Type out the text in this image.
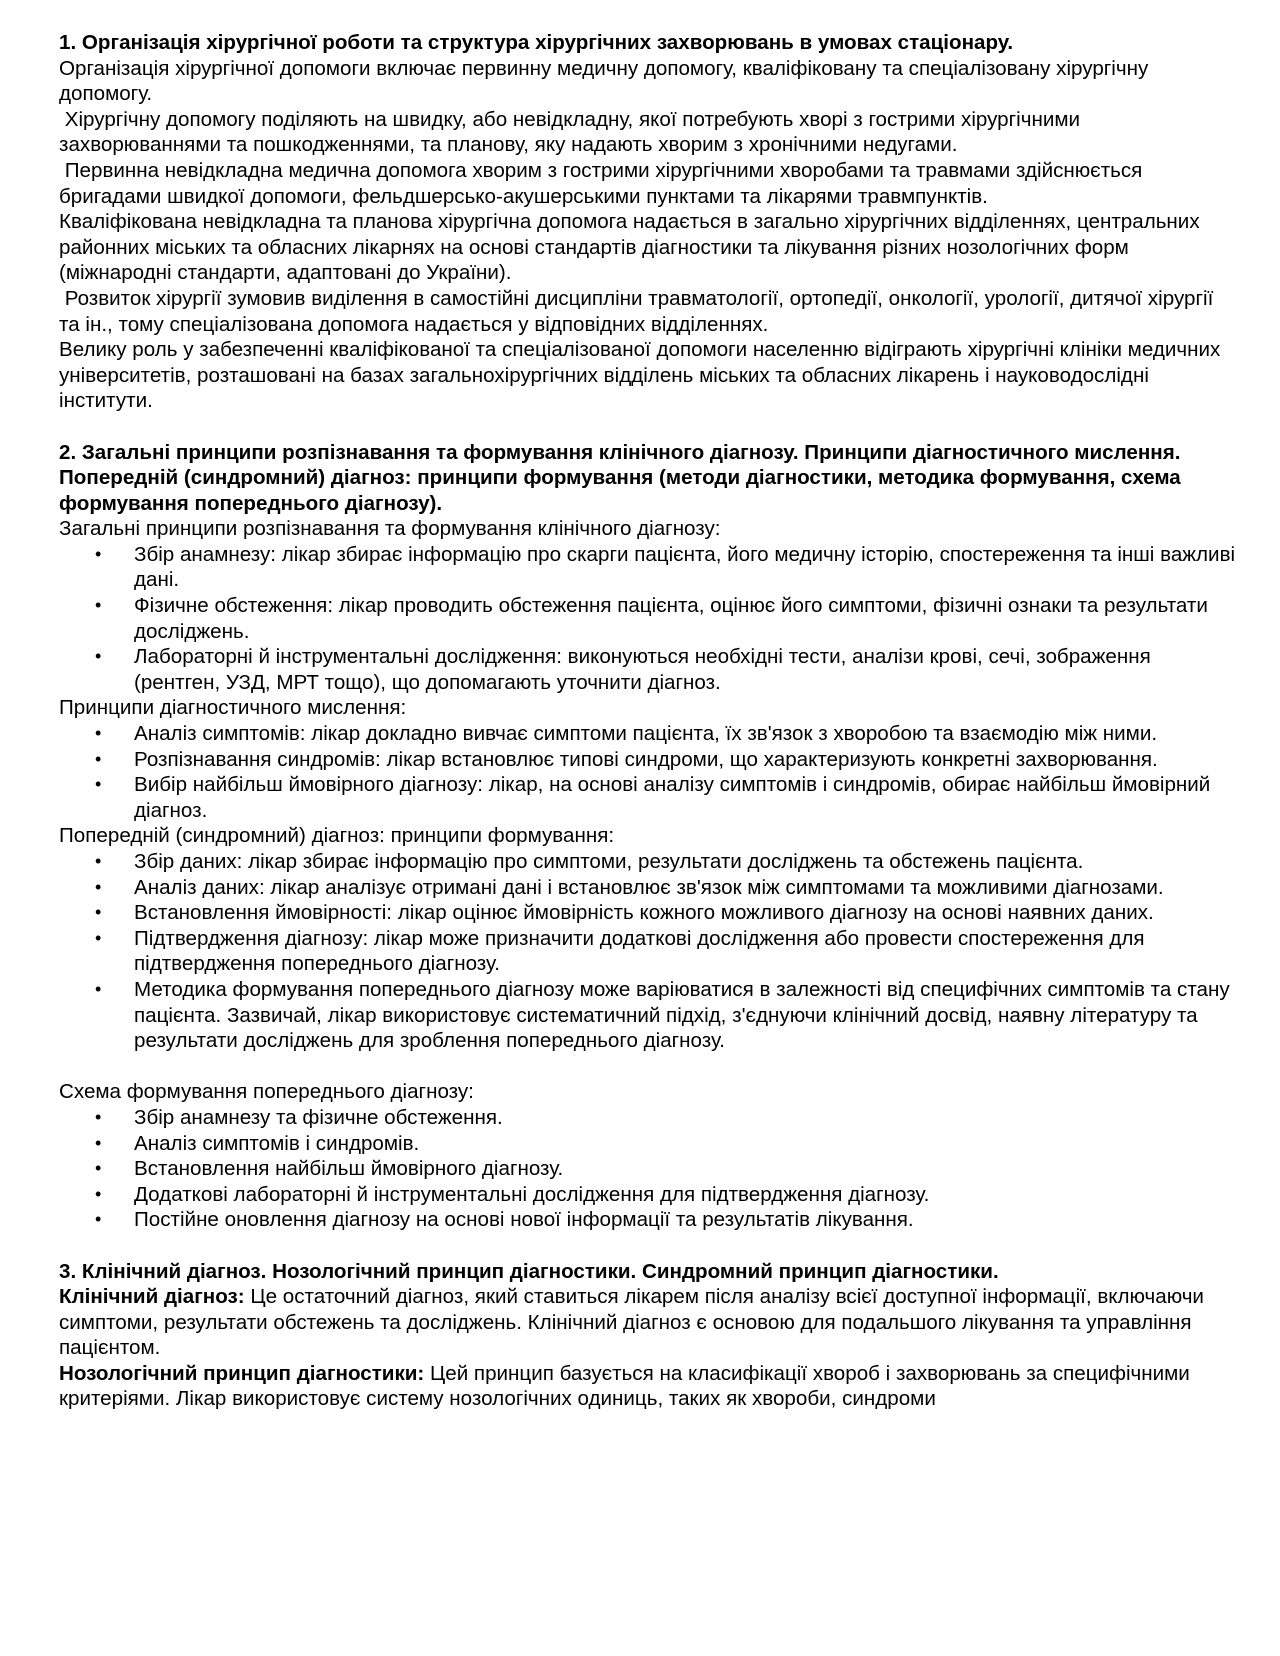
1. Організація хірургічної роботи та структура хірургічних захворювань в умовах стаціонару.

Організація хірургічної допомоги включає первинну медичну допомогу, кваліфіковану та спеціалізовану хірургічну допомогу.

Хірургічну допомогу поділяють на швидку, або невідкладну, якої потребують хворі з гострими хірургічними захворюваннями та пошкодженнями, та планову, яку надають хворим з хронічними недугами.

Первинна невідкладна медична допомога хворим з гострими хірургічними хворобами та травмами здійснюється бригадами швидкої допомоги, фельдшерсько-акушерськими пунктами та лікарями травмпунктів.

Кваліфікована невідкладна та планова хірургічна допомога надається в загально хірургічних відділеннях, центральних районних міських та обласних лікарнях на основі стандартів діагностики та лікування різних нозологічних форм (міжнародні стандарти, адаптовані до України).

Розвиток хірургії зумовив виділення в самостійні дисципліни травматології, ортопедії, онкології, урології, дитячої хірургії та ін., тому спеціалізована допомога надається у відповідних відділеннях.

Велику роль у забезпеченні кваліфікованої та спеціалізованої допомоги населенню відіграють хірургічні клініки медичних університетів, розташовані на базах загальнохірургічних відділень міських та обласних лікарень і науководослідні інститути.

2. Загальні принципи розпізнавання та формування клінічного діагнозу. Принципи діагностичного мислення. Попередній (синдромний) діагноз: принципи формування (методи діагностики, методика формування, схема формування попереднього діагнозу).

Загальні принципи розпізнавання та формування клінічного діагнозу:

• Збір анамнезу: лікар збирає інформацію про скарги пацієнта, його медичну історію, спостереження та інші важливі дані.
• Фізичне обстеження: лікар проводить обстеження пацієнта, оцінює його симптоми, фізичні ознаки та результати досліджень.
• Лабораторні й інструментальні дослідження: виконуються необхідні тести, аналізи крові, сечі, зображення (рентген, УЗД, МРТ тощо), що допомагають уточнити діагноз.

Принципи діагностичного мислення:

• Аналіз симптомів: лікар докладно вивчає симптоми пацієнта, їх зв'язок з хворобою та взаємодію між ними.
• Розпізнавання синдромів: лікар встановлює типові синдроми, що характеризують конкретні захворювання.
• Вибір найбільш ймовірного діагнозу: лікар, на основі аналізу симптомів і синдромів, обирає найбільш ймовірний діагноз.

Попередній (синдромний) діагноз: принципи формування:

• Збір даних: лікар збирає інформацію про симптоми, результати досліджень та обстежень пацієнта.
• Аналіз даних: лікар аналізує отримані дані і встановлює зв'язок між симптомами та можливими діагнозами.
• Встановлення ймовірності: лікар оцінює ймовірність кожного можливого діагнозу на основі наявних даних.
• Підтвердження діагнозу: лікар може призначити додаткові дослідження або провести спостереження для підтвердження попереднього діагнозу.
• Методика формування попереднього діагнозу може варіюватися в залежності від специфічних симптомів та стану пацієнта. Зазвичай, лікар використовує систематичний підхід, з'єднуючи клінічний досвід, наявну літературу та результати досліджень для зроблення попереднього діагнозу.

Схема формування попереднього діагнозу:

• Збір анамнезу та фізичне обстеження.
• Аналіз симптомів і синдромів.
• Встановлення найбільш ймовірного діагнозу.
• Додаткові лабораторні й інструментальні дослідження для підтвердження діагнозу.
• Постійне оновлення діагнозу на основі нової інформації та результатів лікування.

3. Клінічний діагноз. Нозологічний принцип діагностики. Синдромний принцип діагностики.

Клінічний діагноз: Це остаточний діагноз, який ставиться лікарем після аналізу всієї доступної інформації, включаючи симптоми, результати обстежень та досліджень. Клінічний діагноз є основою для подальшого лікування та управління пацієнтом.

Нозологічний принцип діагностики: Цей принцип базується на класифікації хвороб і захворювань за специфічними критеріями. Лікар використовує систему нозологічних одиниць, таких як хвороби, синдроми
